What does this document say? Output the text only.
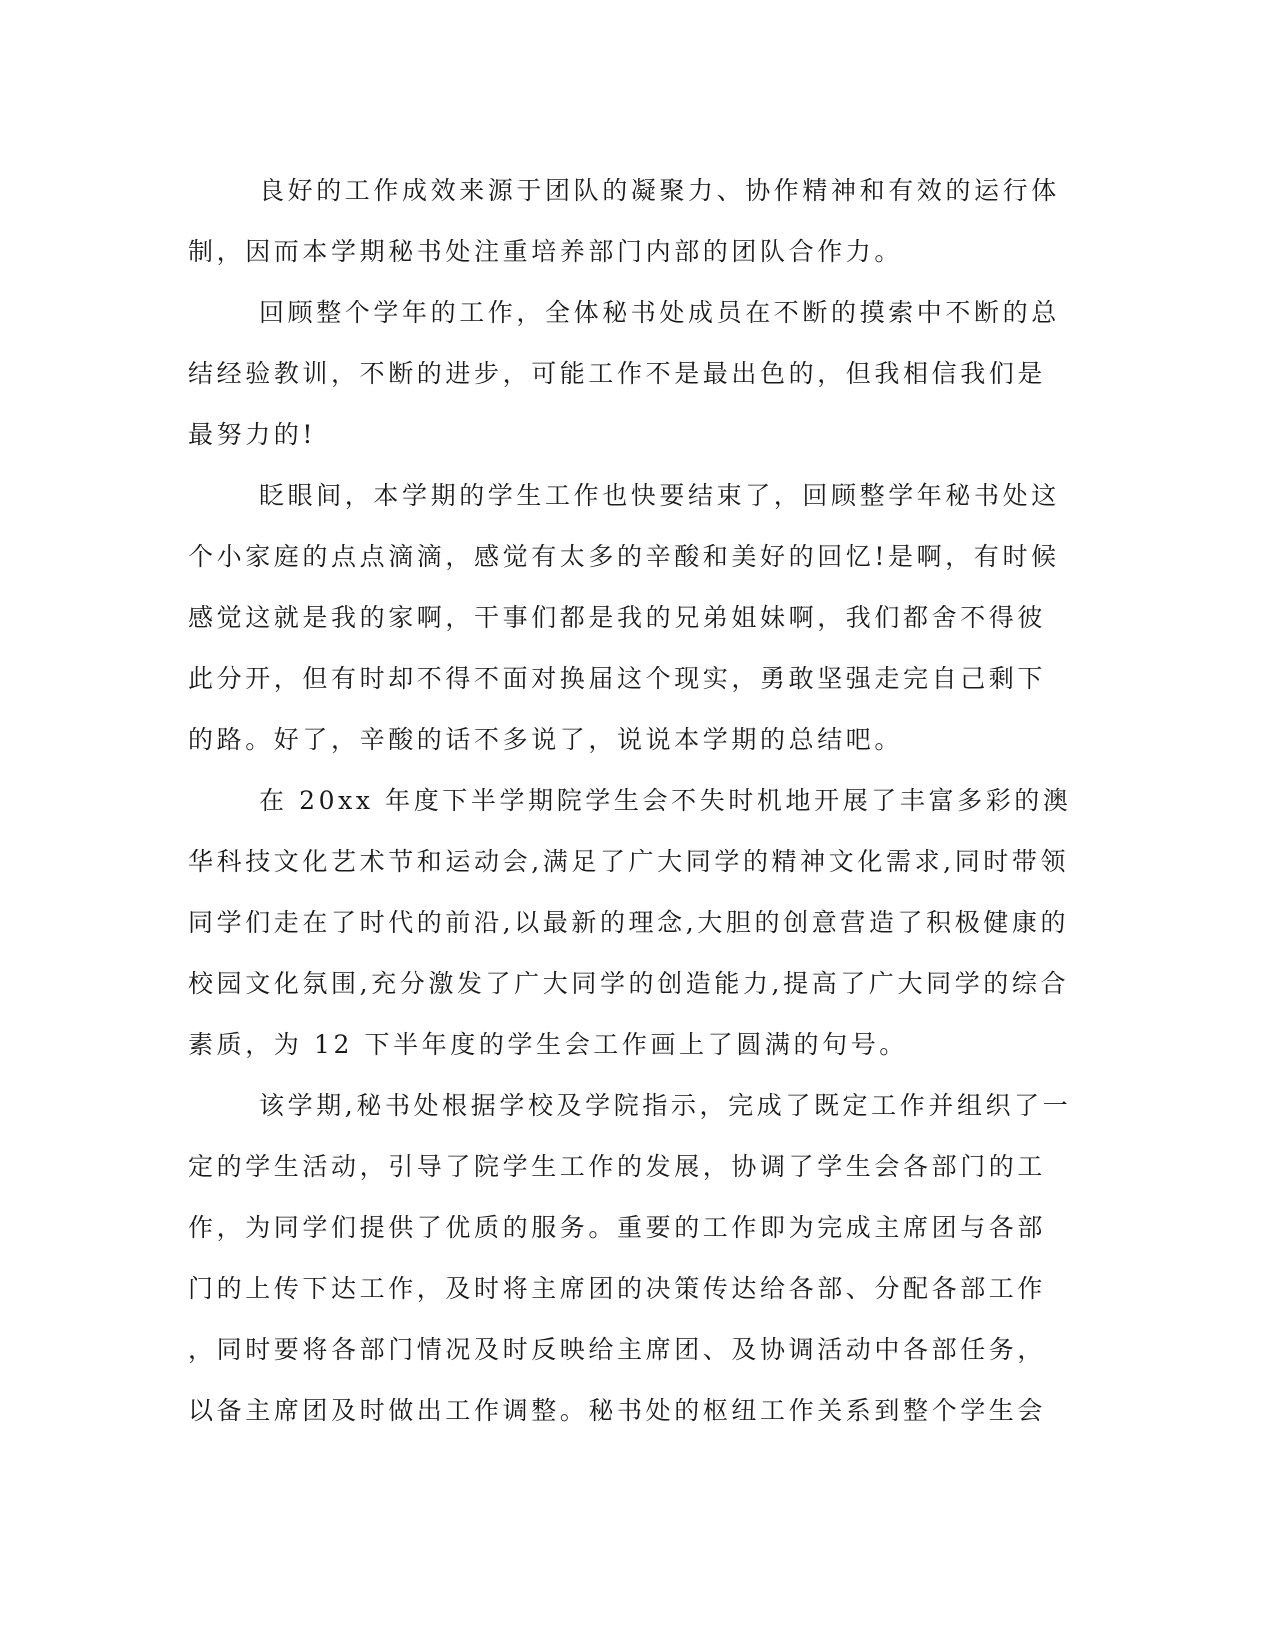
良好的工作成效来源于团队的凝聚力、协作精神和有效的运行体
制，因而本学期秘书处注重培养部门内部的团队合作力。
回顾整个学年的工作，全体秘书处成员在不断的摸索中不断的总
结经验教训，不断的进步，可能工作不是最出色的，但我相信我们是
最努力的!
眨眼间，本学期的学生工作也快要结束了，回顾整学年秘书处这
个小家庭的点点滴滴，感觉有太多的辛酸和美好的回忆!是啊，有时候
感觉这就是我的家啊，干事们都是我的兄弟姐妹啊，我们都舍不得彼
此分开，但有时却不得不面对换届这个现实，勇敢坚强走完自己剩下
的路。好了，辛酸的话不多说了，说说本学期的总结吧。
在 20xx 年度下半学期院学生会不失时机地开展了丰富多彩的澳
华科技文化艺术节和运动会,满足了广大同学的精神文化需求,同时带领
同学们走在了时代的前沿,以最新的理念,大胆的创意营造了积极健康的
校园文化氛围,充分激发了广大同学的创造能力,提高了广大同学的综合
素质，为 12 下半年度的学生会工作画上了圆满的句号。
该学期,秘书处根据学校及学院指示，完成了既定工作并组织了一
定的学生活动，引导了院学生工作的发展，协调了学生会各部门的工
作，为同学们提供了优质的服务。重要的工作即为完成主席团与各部
门的上传下达工作，及时将主席团的决策传达给各部、分配各部工作
，同时要将各部门情况及时反映给主席团、及协调活动中各部任务，
以备主席团及时做出工作调整。秘书处的枢纽工作关系到整个学生会
